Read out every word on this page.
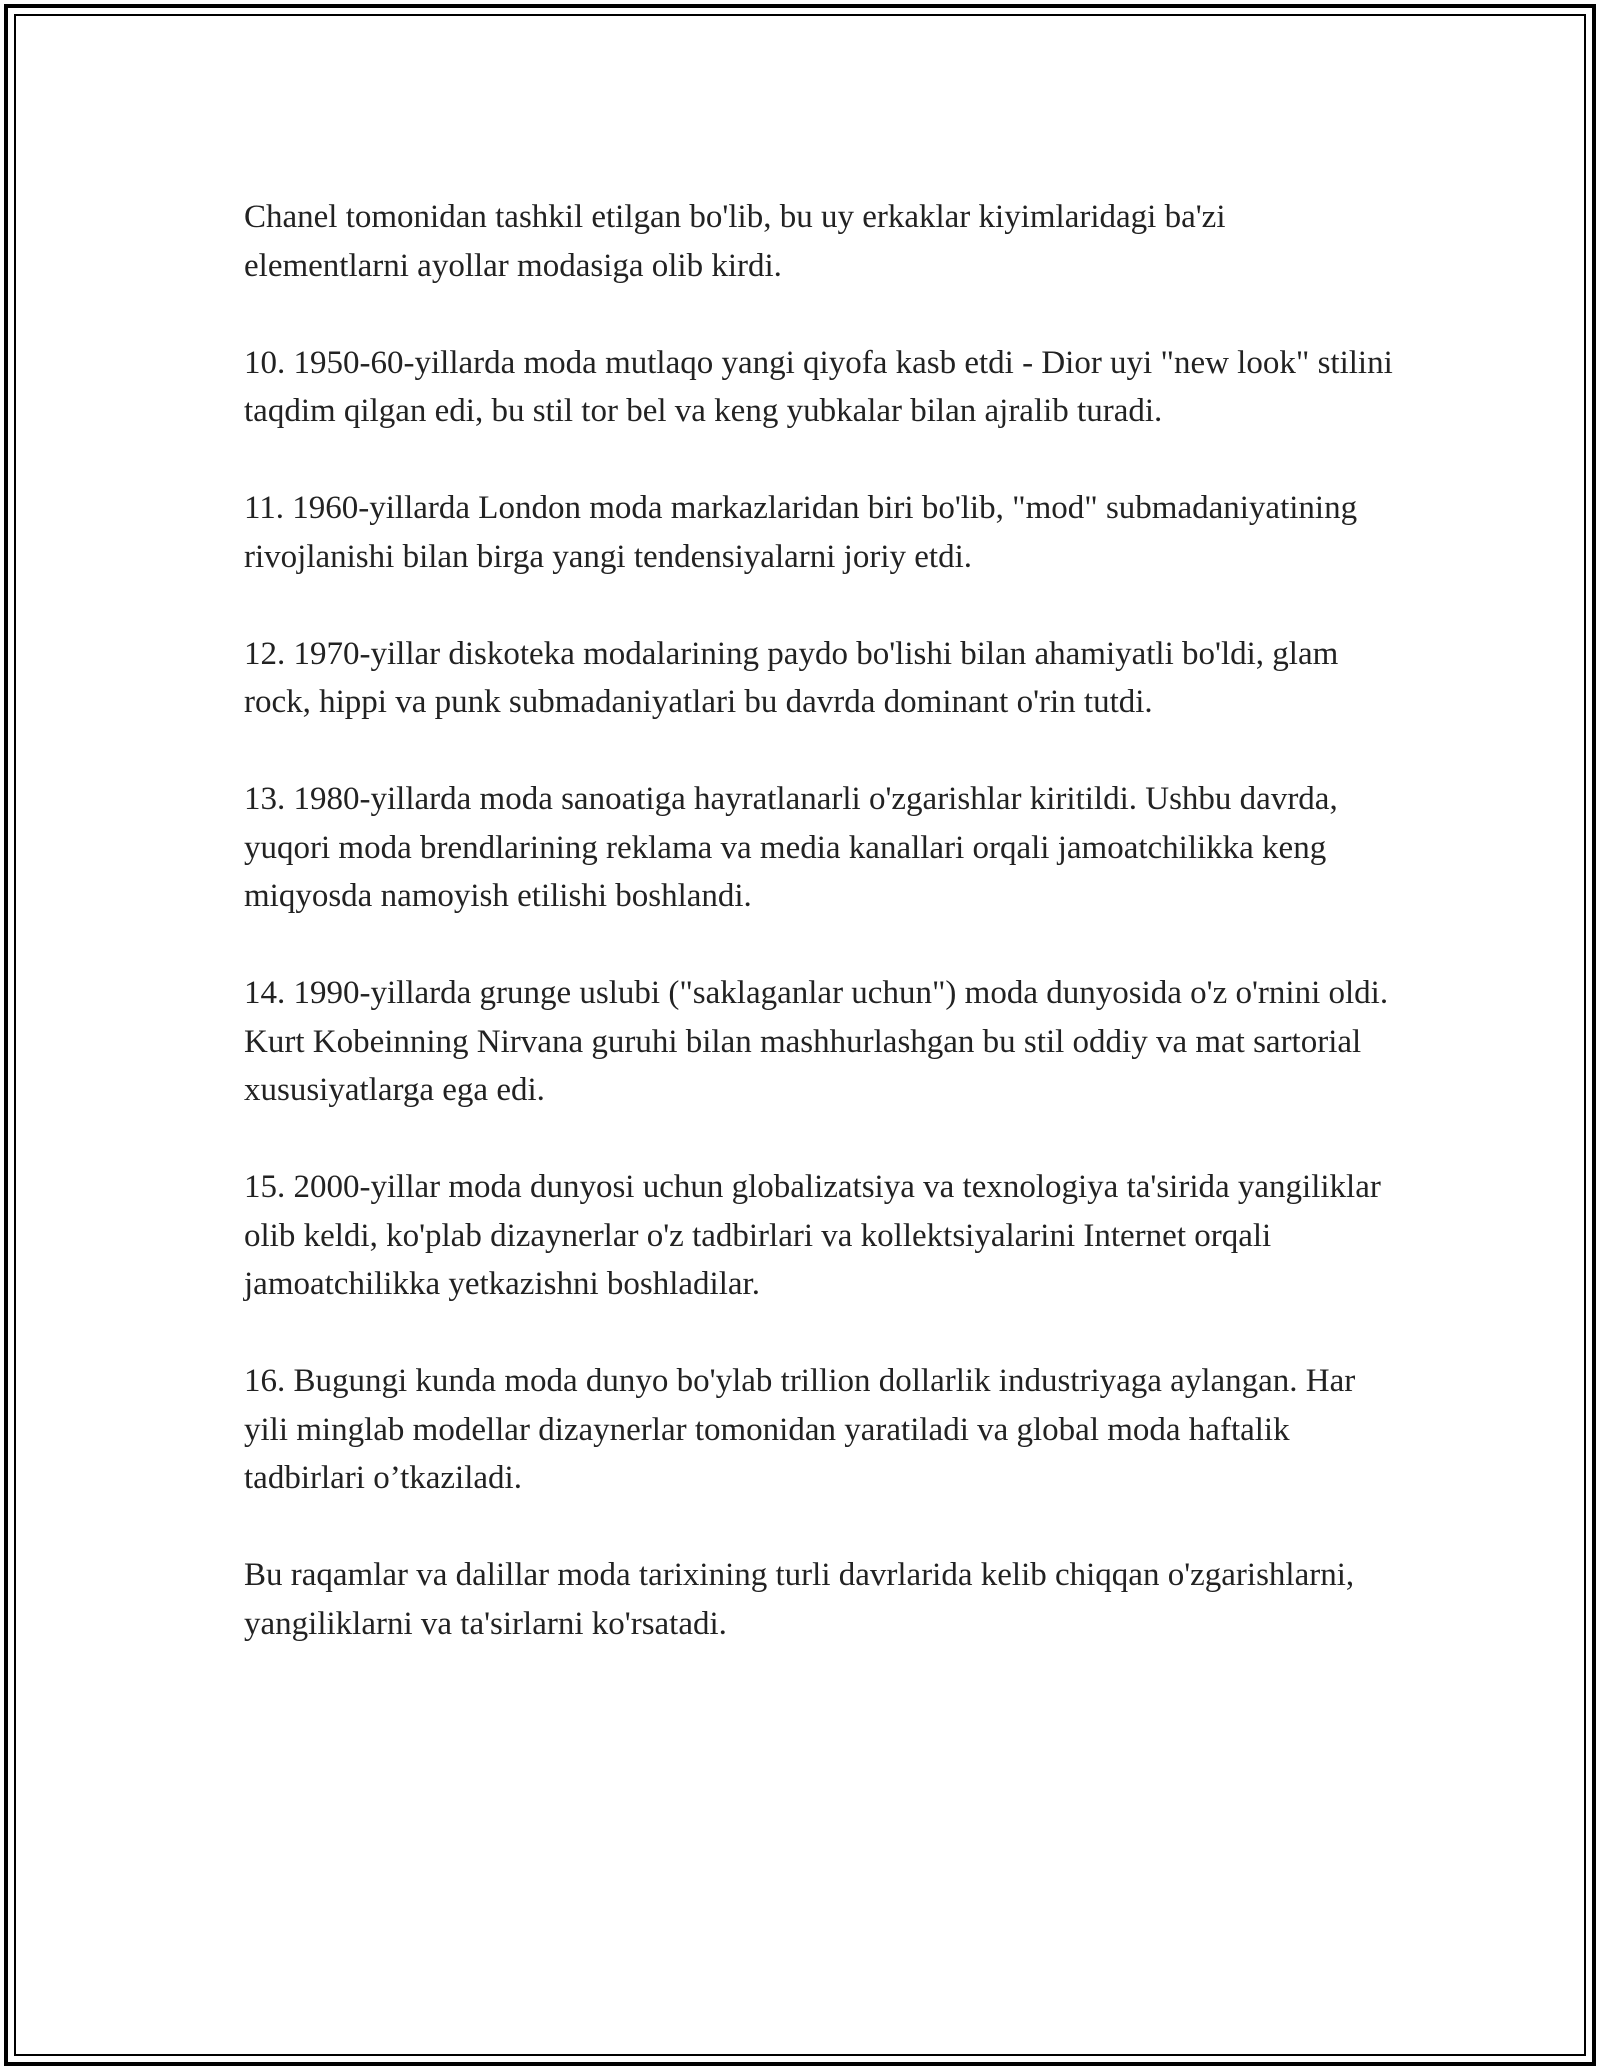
Chanel tomonidan tashkil etilgan bo'lib, bu uy erkaklar kiyimlaridagi ba'zi elementlarni ayollar modasiga olib kirdi.

10. 1950-60-yillarda moda mutlaqo yangi qiyofa kasb etdi - Dior uyi "new look" stilini taqdim qilgan edi, bu stil tor bel va keng yubkalar bilan ajralib turadi.

11. 1960-yillarda London moda markazlaridan biri bo'lib, "mod" submadaniyatining rivojlanishi bilan birga yangi tendensiyalarni joriy etdi.

12. 1970-yillar diskoteka modalarining paydo bo'lishi bilan ahamiyatli bo'ldi, glam rock, hippi va punk submadaniyatlari bu davrda dominant o'rin tutdi.

13. 1980-yillarda moda sanoatiga hayratlanarli o'zgarishlar kiritildi. Ushbu davrda, yuqori moda brendlarining reklama va media kanallari orqali jamoatchilikka keng miqyosda namoyish etilishi boshlandi.

14. 1990-yillarda grunge uslubi ("saklaganlar uchun") moda dunyosida o'z o'rnini oldi. Kurt Kobeinning Nirvana guruhi bilan mashhurlashgan bu stil oddiy va mat sartorial xususiyatlarga ega edi.

15. 2000-yillar moda dunyosi uchun globalizatsiya va texnologiya ta'sirida yangiliklar olib keldi, ko'plab dizaynerlar o'z tadbirlari va kollektsiyalarini Internet orqali jamoatchilikka yetkazishni boshladilar.

16. Bugungi kunda moda dunyo bo'ylab trillion dollarlik industriyaga aylangan. Har yili minglab modellar dizaynerlar tomonidan yaratiladi va global moda haftalik tadbirlari o’tkaziladi.

Bu raqamlar va dalillar moda tarixining turli davrlarida kelib chiqqan o'zgarishlarni, yangiliklarni va ta'sirlarni ko'rsatadi.
